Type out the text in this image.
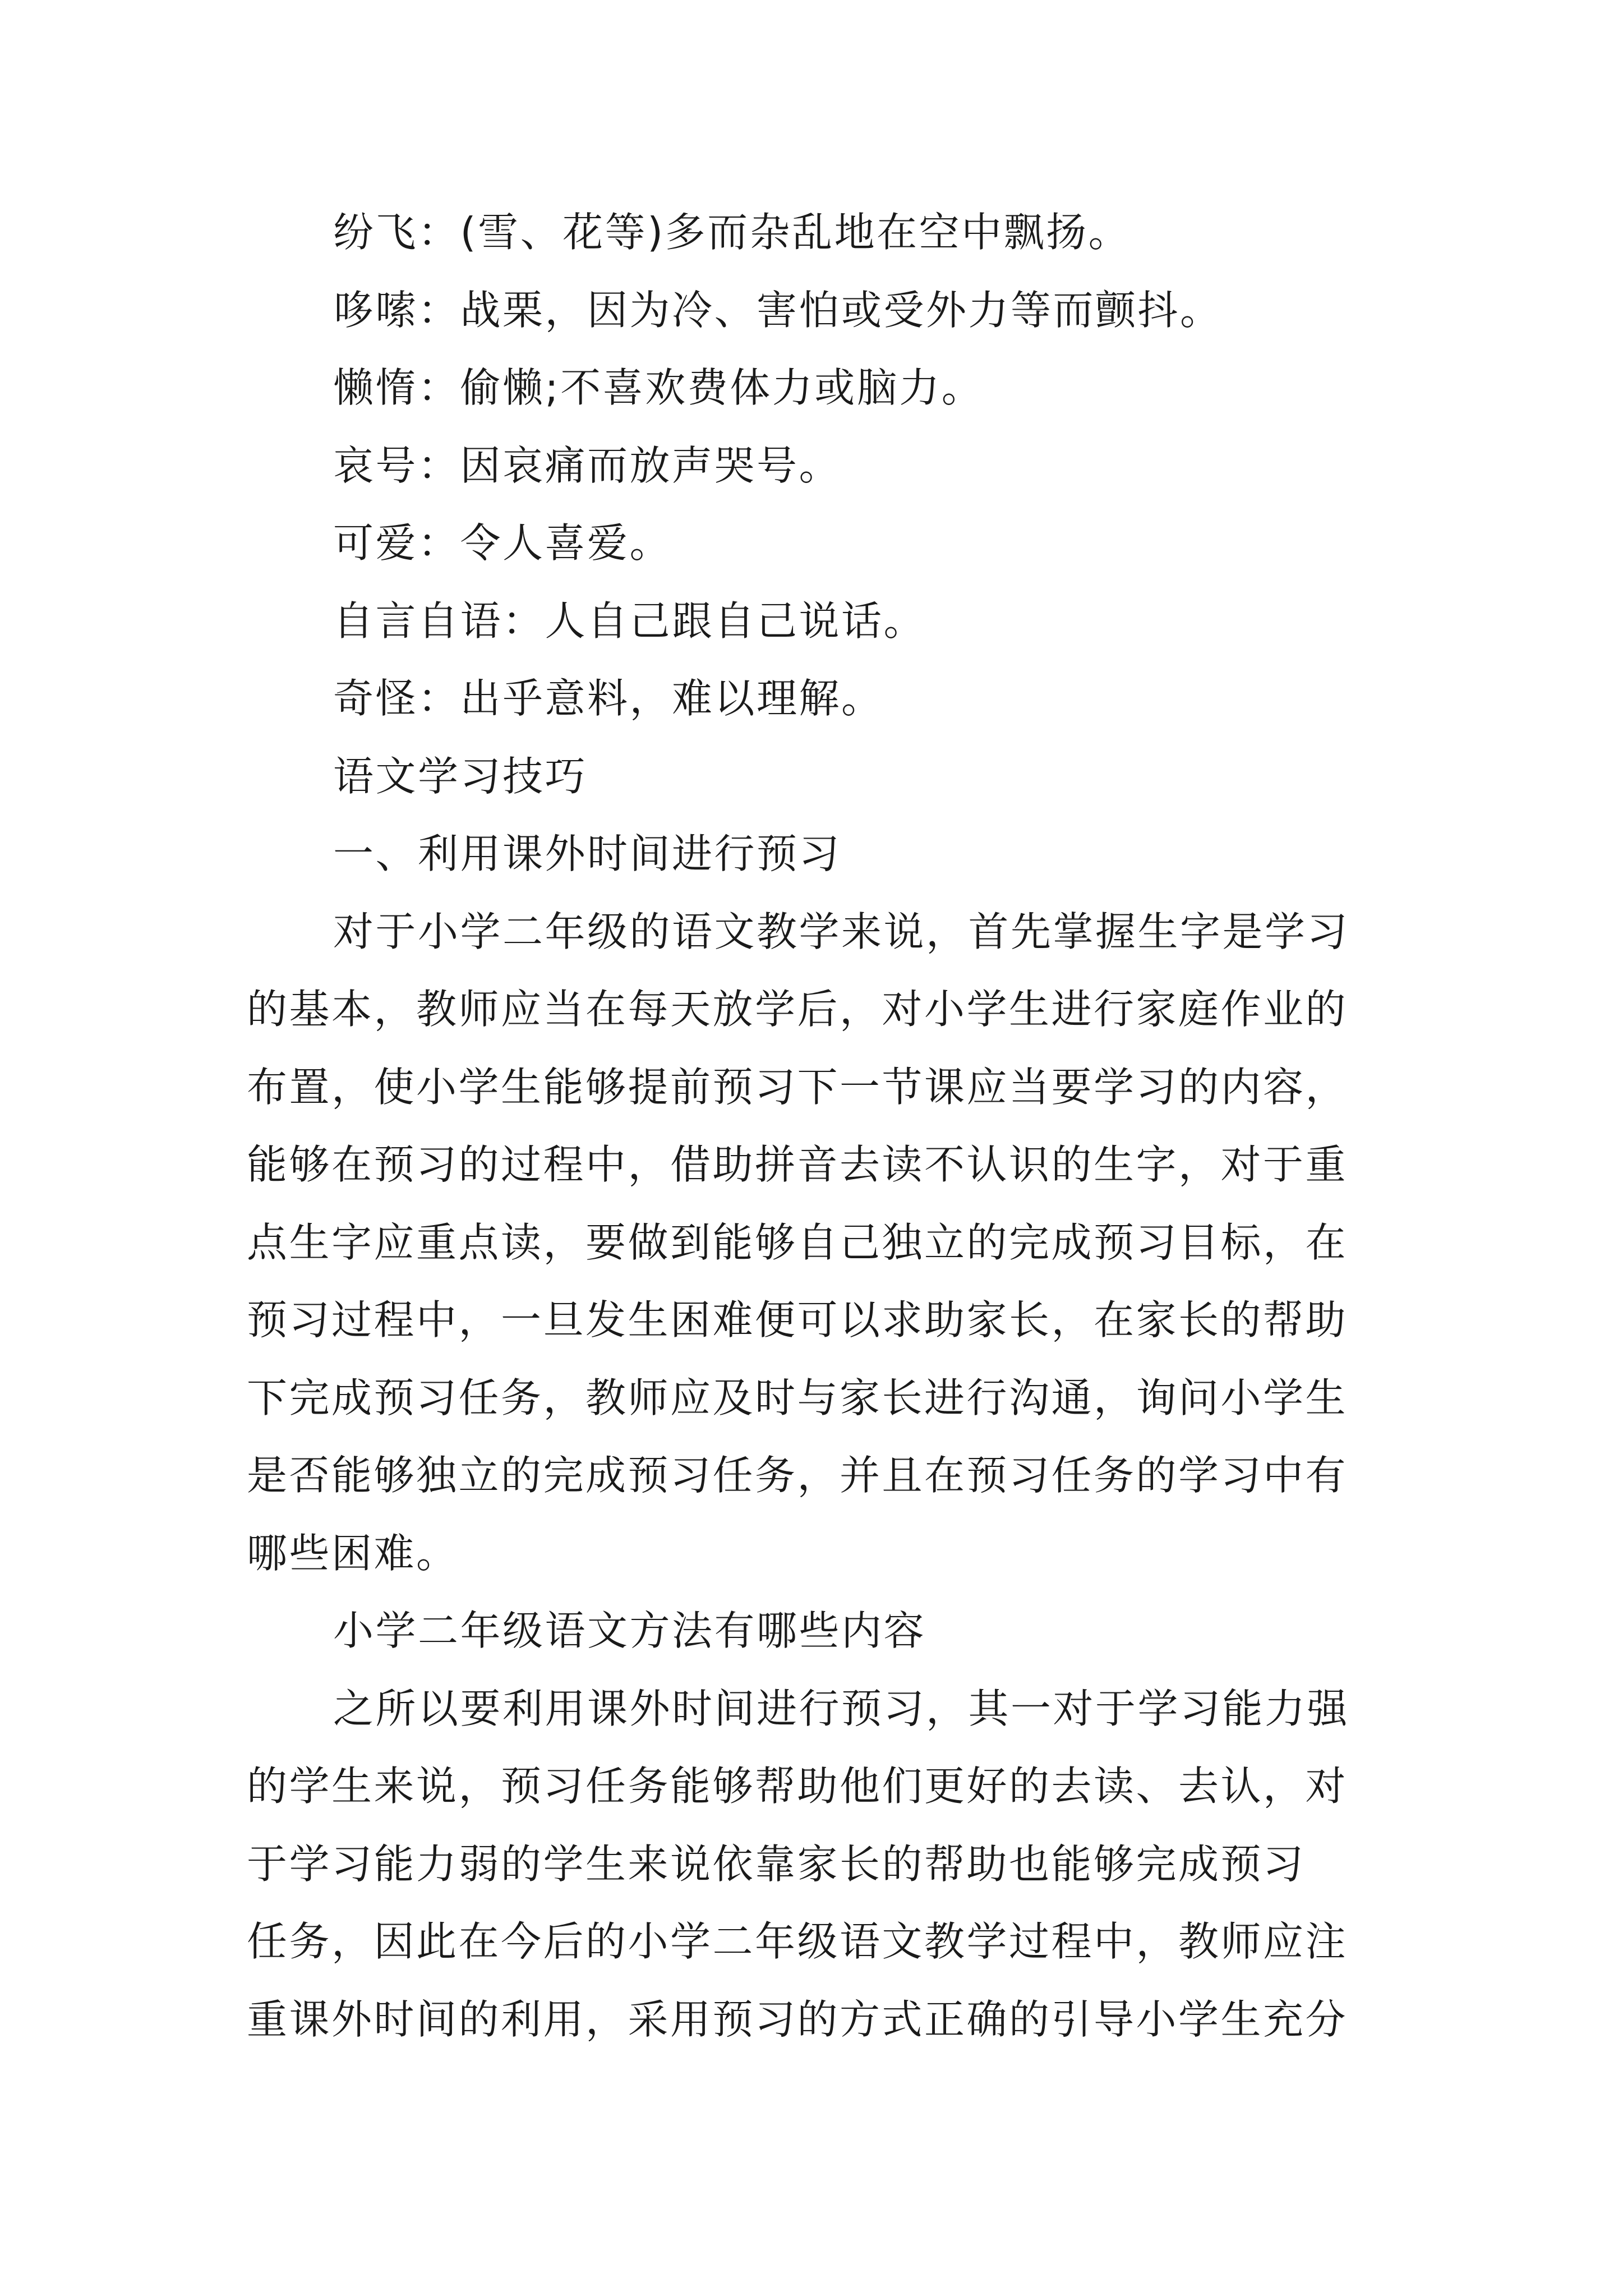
纷飞：(雪、花等)多而杂乱地在空中飘扬。
哆嗦：战栗，因为冷、害怕或受外力等而颤抖。
懒惰：偷懒;不喜欢费体力或脑力。
哀号：因哀痛而放声哭号。
可爱：令人喜爱。
自言自语：人自己跟自己说话。
奇怪：出乎意料，难以理解。
语文学习技巧
一、利用课外时间进行预习
对于小学二年级的语文教学来说，首先掌握生字是学习
的基本，教师应当在每天放学后，对小学生进行家庭作业的
布置，使小学生能够提前预习下一节课应当要学习的内容，
能够在预习的过程中，借助拼音去读不认识的生字，对于重
点生字应重点读，要做到能够自己独立的完成预习目标，在
预习过程中，一旦发生困难便可以求助家长，在家长的帮助
下完成预习任务，教师应及时与家长进行沟通，询问小学生
是否能够独立的完成预习任务，并且在预习任务的学习中有
哪些困难。
小学二年级语文方法有哪些内容
之所以要利用课外时间进行预习，其一对于学习能力强
的学生来说，预习任务能够帮助他们更好的去读、去认，对
于学习能力弱的学生来说依靠家长的帮助也能够完成预习
任务，因此在今后的小学二年级语文教学过程中，教师应注
重课外时间的利用，采用预习的方式正确的引导小学生充分
